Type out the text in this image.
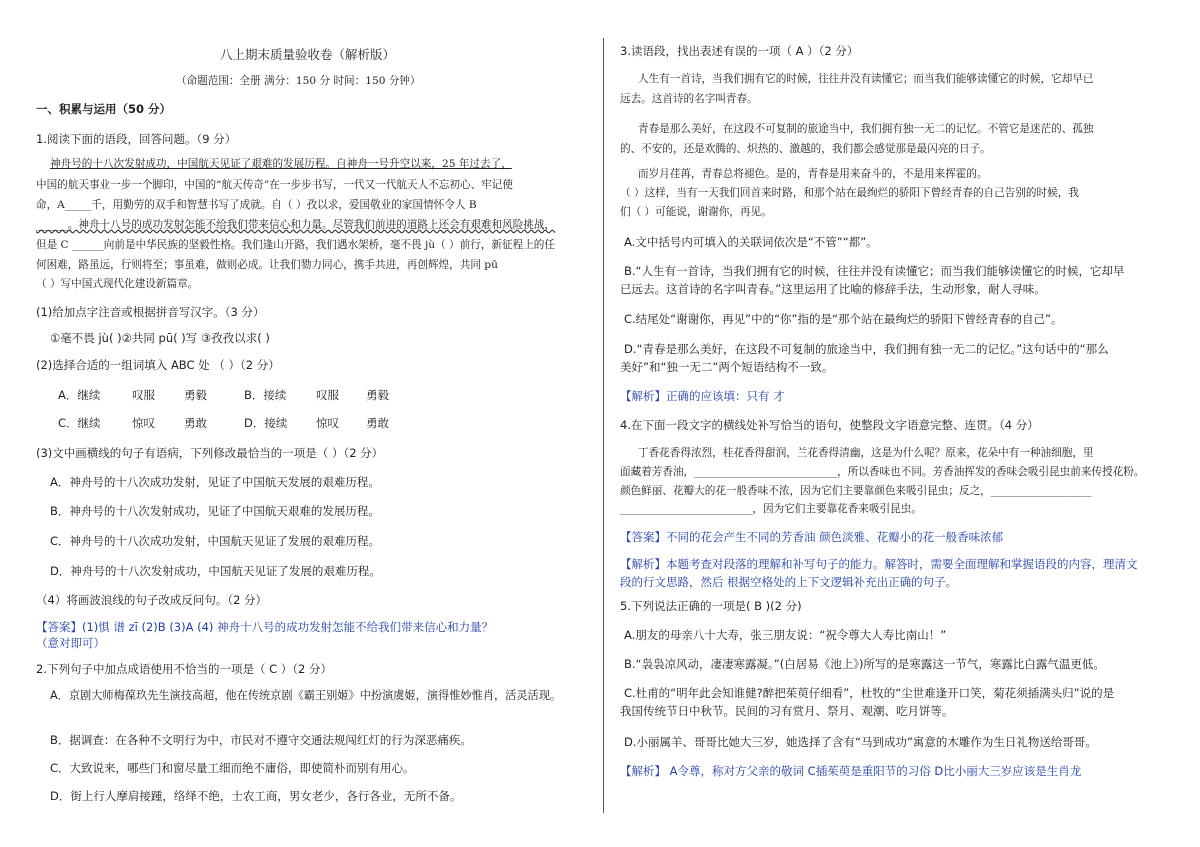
八上期末质量验收卷（解析版）
（命题范围：全册 满分：150 分 时间：150 分钟）
一、积累与运用（50 分）
1.阅读下面的语段，回答问题。（9 分）
神舟号的十八次发射成功，中国航天见证了艰难的发展历程。自神舟一号升空以来，25 年过去了，
中国的航天事业一步一个脚印，中国的“航天传奇”在一步步书写，一代又一代航天人不忘初心、牢记使
命，A_____千，用勤劳的双手和智慧书写了成就。自（ ）孜以求，爱国敬业的家国情怀令人 B
______。神舟十八号的成功发射怎能不给我们带来信心和力量。尽管我们前进的道路上还会有艰难和风险挑战，
但是 C ______向前是中华民族的坚毅性格。我们逢山开路，我们遇水架桥，毫不畏 jù（ ）前行，新征程上的任
何困难，路虽远，行则将至；事虽难，做则必成。让我们勠力同心，携手共进，再创辉煌，共同 pū
（ ）写中国式现代化建设新篇章。
(1)给加点字注音或根据拼音写汉字。（3 分）
①毫不畏 jù( )②共同 pū( )写 ③孜孜以求( )
(2)选择合适的一组词填入 ABC 处 （ ）（2 分）
A．继续	叹服	勇毅	B．接续	叹服 勇毅
C．继续	惊叹	勇敢	D．接续 惊叹 勇敢
(3)文中画横线的句子有语病，下列修改最恰当的一项是（ ）（2 分）
A．神舟号的十八次成功发射，见证了中国航天发展的艰难历程。
B．神舟号的十八次发射成功，见证了中国航天艰难的发展历程。
C．神舟号的十八次成功发射，中国航天见证了发展的艰难历程。
D．神舟号的十八次发射成功，中国航天见证了发展的艰难历程。
（4）将画波浪线的句子改成反问句。（2 分）
【答案】(1)惧 谱 zī (2)B (3)A (4) 神舟十八号的成功发射怎能不给我们带来信心和力量？
（意对即可）
2.下列句子中加点成语使用不恰当的一项是（ C ）（2 分）
A．京剧大师梅葆玖先生演技高超，他在传统京剧《霸王别姬》中扮演虞姬，演得惟妙惟肖，活灵活现。
B．据调查：在各种不文明行为中，市民对不遵守交通法规闯红灯的行为深恶痛疾。
C．大致说来，哪些门和窗尽量工细而绝不庸俗，即使简朴而别有用心。
D．街上行人摩肩接踵，络绎不绝，士农工商，男女老少，各行各业，无所不备。
3.读语段，找出表述有误的一项（ A ）（2 分）
人生有一首诗，当我们拥有它的时候，往往并没有读懂它；而当我们能够读懂它的时候，它却早已
远去。这首诗的名字叫青春。
青春是那么美好，在这段不可复制的旅途当中，我们拥有独一无二的记忆。不管它是迷茫的、孤独
的、不安的，还是欢腾的、炽热的、激越的，我们都会感觉那是最闪亮的日子。
而岁月荏苒，青春总将褪色。是的，青春是用来奋斗的，不是用来挥霍的。
（ ）这样，当有一天我们回首来时路，和那个站在最绚烂的骄阳下曾经青春的自己告别的时候，我
们（ ）可能说，谢谢你，再见。
A.文中括号内可填入的关联词依次是“不管”“都”。
B.“人生有一首诗，当我们拥有它的时候，往往并没有读懂它；而当我们能够读懂它的时候，它却早
已远去。这首诗的名字叫青春。”这里运用了比喻的修辞手法，生动形象，耐人寻味。
C.结尾处“谢谢你，再见”中的“你”指的是“那个站在最绚烂的骄阳下曾经青春的自己”。
D.“青春是那么美好，在这段不可复制的旅途当中，我们拥有独一无二的记忆。”这句话中的“那么
美好”和“独一无二”两个短语结构不一致。
【解析】正确的应该填：只有 才
4.在下面一段文字的横线处补写恰当的语句，使整段文字语意完整、连贯。（4 分）
丁香花香得浓烈，桂花香得甜润，兰花香得清幽，这是为什么呢？原来，花朵中有一种油细胞，里
面藏着芳香油，___________________________，所以香味也不同。芳香油挥发的香味会吸引昆虫前来传授花粉。
颜色鲜丽、花瓣大的花一般香味不浓，因为它们主要靠颜色来吸引昆虫；反之，___________________
_________________________，因为它们主要靠花香来吸引昆虫。
【答案】不同的花会产生不同的芳香油 颜色淡雅、花瓣小的花一般香味浓郁
【解析】本题考查对段落的理解和补写句子的能力。解答时，需要全面理解和掌握语段的内容，理清文
段的行文思路，然后 根据空格处的上下文逻辑补充出正确的句子。
5.下列说法正确的一项是( B )(2 分)
A.朋友的母亲八十大寿，张三朋友说：“祝令尊大人寿比南山！”
B.“袅袅凉风动，凄凄寒露凝。”(白居易《池上》)所写的是寒露这一节气，寒露比白露气温更低。
C.杜甫的“明年此会知谁健?醉把茱萸仔细看”，杜牧的“尘世难逢开口笑，菊花须插满头归”说的是
我国传统节日中秋节。民间的习有赏月、祭月、观潮、吃月饼等。
D.小丽属羊、哥哥比她大三岁，她选择了含有“马到成功”寓意的木雕作为生日礼物送给哥哥。
【解析】 A令尊，称对方父亲的敬词 C插茱萸是重阳节的习俗 D比小丽大三岁应该是生肖龙
